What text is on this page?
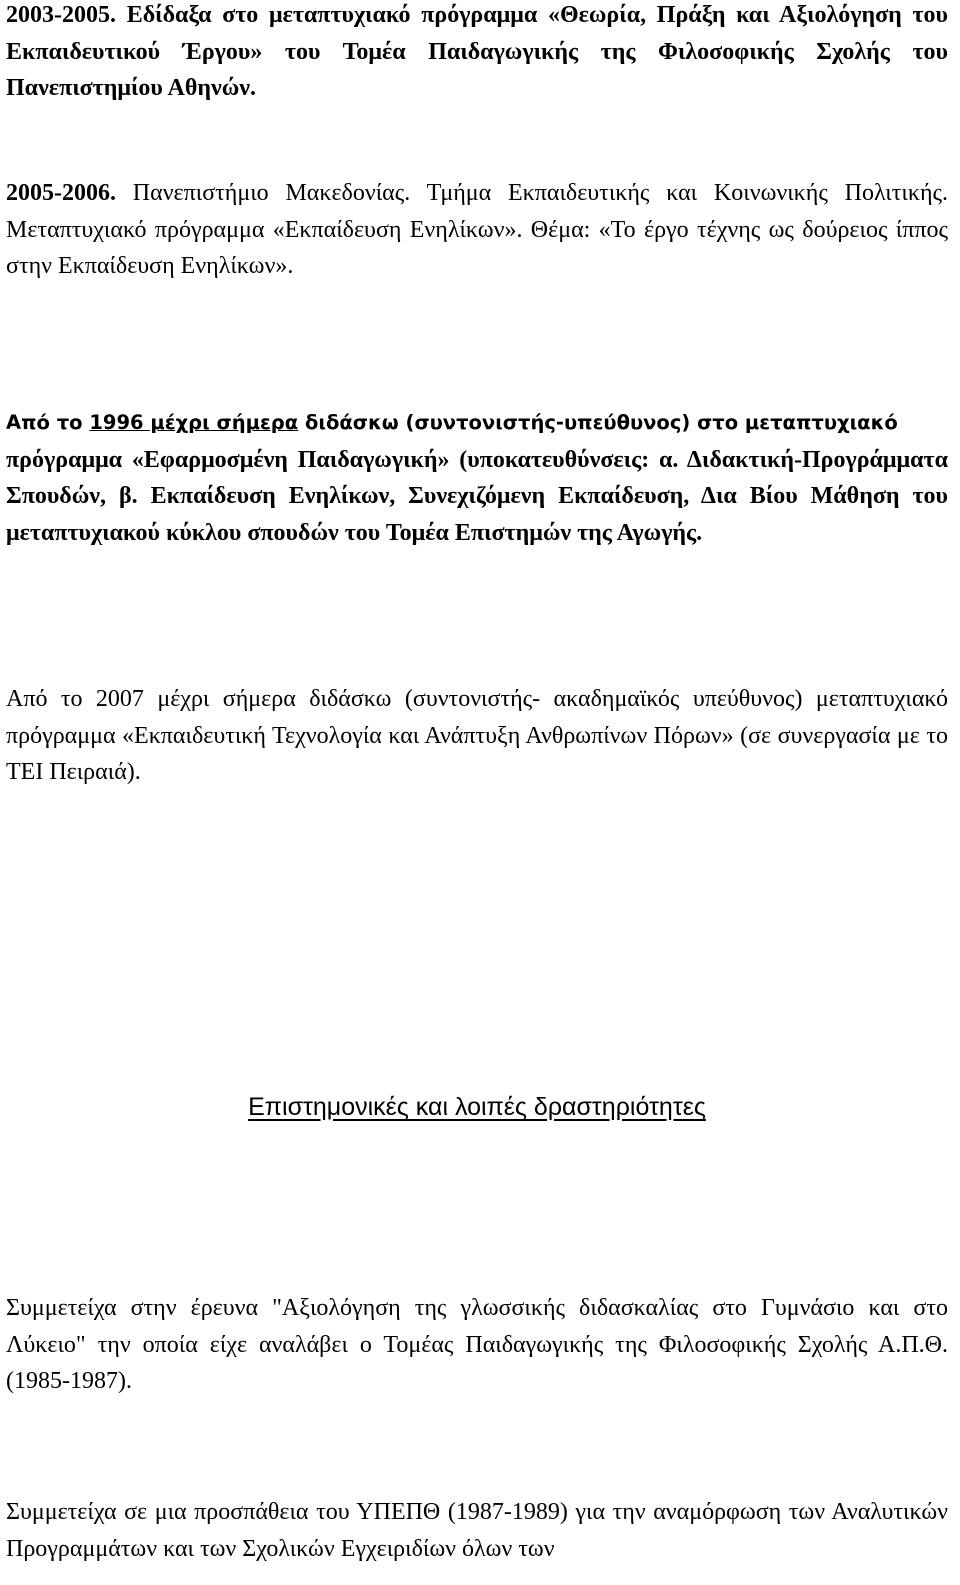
2003-2005. Εδίδαξα στο μεταπτυχιακό πρόγραμμα «Θεωρία, Πράξη και Αξιολόγηση του Εκπαιδευτικού Έργου» του Τομέα Παιδαγωγικής της Φιλοσοφικής Σχολής του Πανεπιστημίου Αθηνών.

2005-2006. Πανεπιστήμιο Μακεδονίας. Τμήμα Εκπαιδευτικής και Κοινωνικής Πολιτικής. Μεταπτυχιακό πρόγραμμα «Εκπαίδευση Ενηλίκων». Θέμα: «Το έργο τέχνης ως δούρειος ίππος στην Εκπαίδευση Ενηλίκων».

Από το 1996 μέχρι σήμερα διδάσκω (συντονιστής-υπεύθυνος) στο μεταπτυχιακό
πρόγραμμα «Εφαρμοσμένη Παιδαγωγική» (υποκατευθύνσεις: α. Διδακτική-Προγράμματα Σπουδών, β. Εκπαίδευση Ενηλίκων, Συνεχιζόμενη Εκπαίδευση, Δια Βίου Μάθηση του μεταπτυχιακού κύκλου σπουδών του Τομέα Επιστημών της Αγωγής.

Από το 2007 μέχρι σήμερα διδάσκω (συντονιστής- ακαδημαϊκός υπεύθυνος) μεταπτυχιακό πρόγραμμα «Εκπαιδευτική Τεχνολογία και Ανάπτυξη Ανθρωπίνων Πόρων» (σε συνεργασία με το ΤΕΙ Πειραιά).

Επιστημονικές και λοιπές δραστηριότητες

Συμμετείχα στην έρευνα "Αξιολόγηση της γλωσσικής διδασκαλίας στο Γυμνάσιο και στο Λύκειο" την οποία είχε αναλάβει ο Τομέας Παιδαγωγικής της Φιλοσοφικής Σχολής Α.Π.Θ. (1985-1987).

Συμμετείχα σε μια προσπάθεια του ΥΠΕΠΘ (1987-1989) για την αναμόρφωση των Αναλυτικών Προγραμμάτων και των Σχολικών Εγχειριδίων όλων των
